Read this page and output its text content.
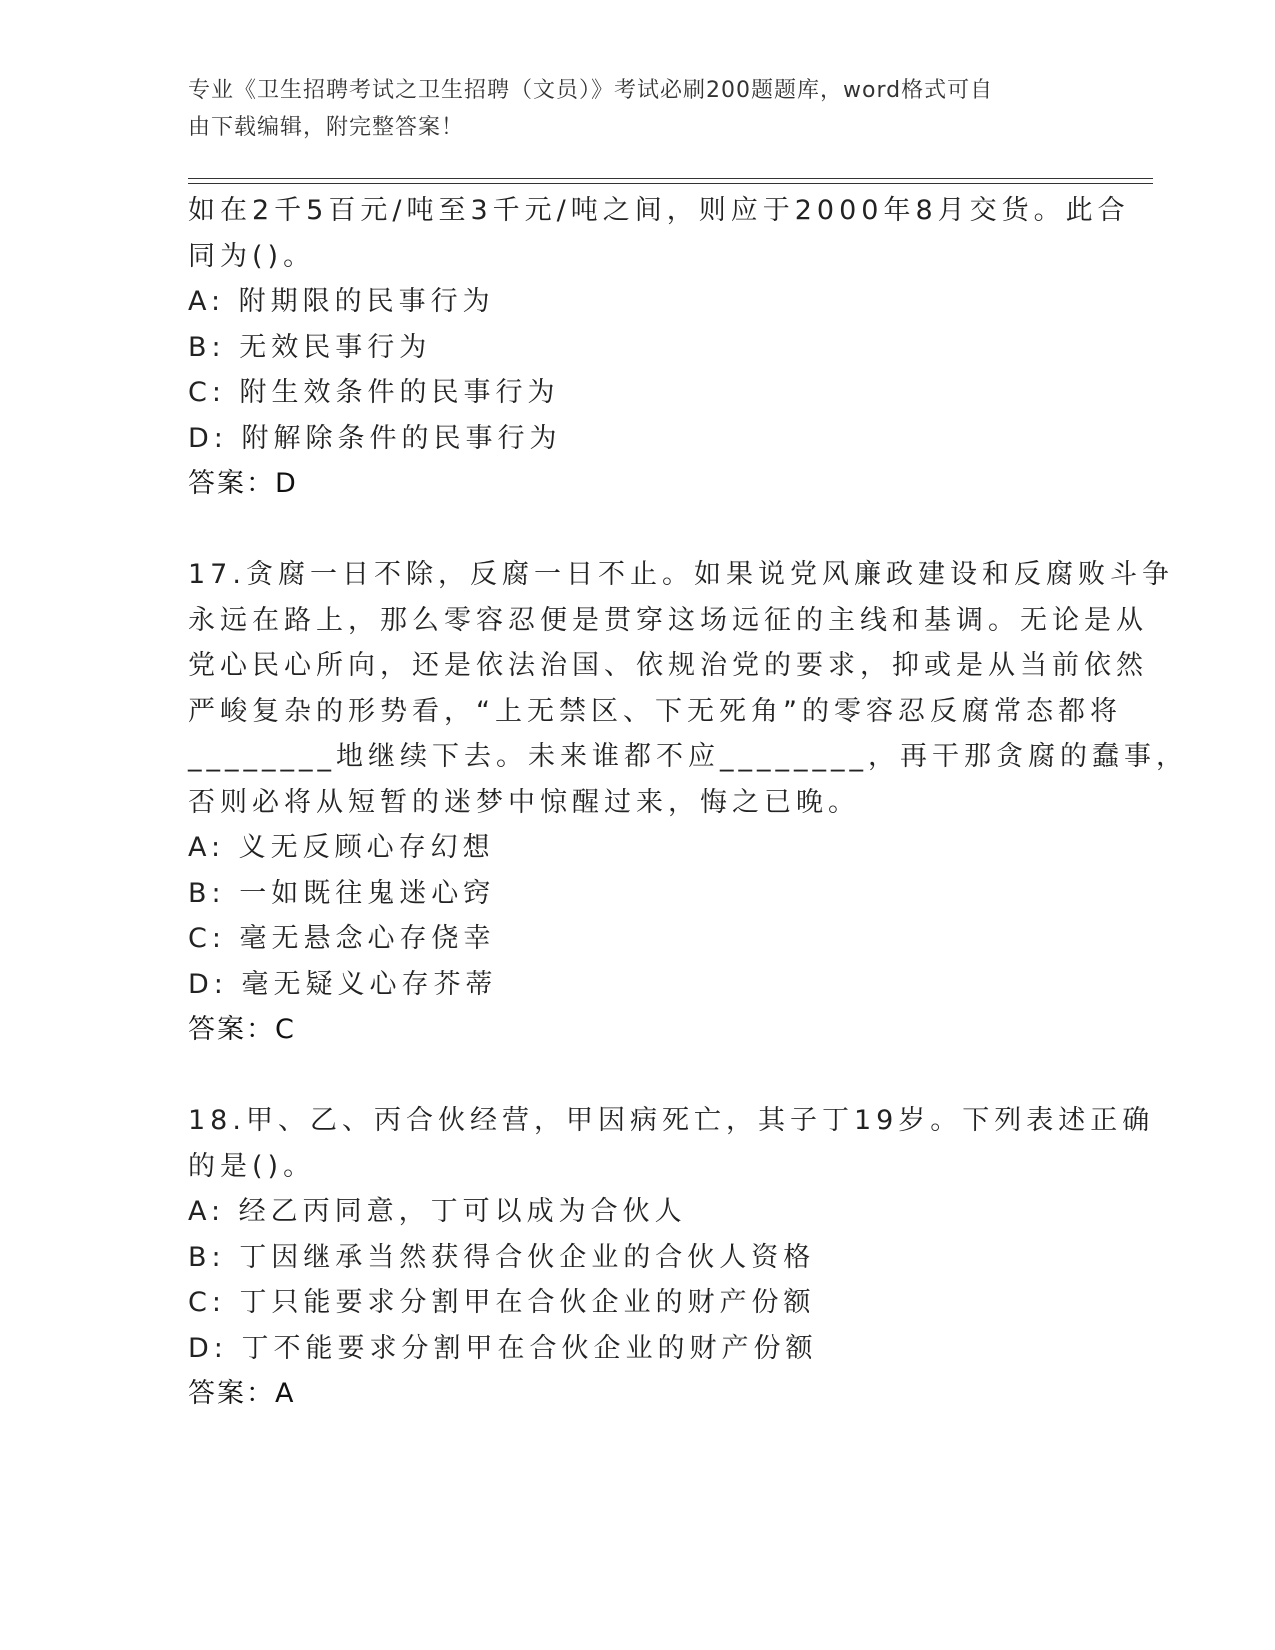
专业《卫生招聘考试之卫生招聘（文员）》考试必刷200题题库，word格式可自
由下载编辑，附完整答案！
如在2千5百元/吨至3千元/吨之间，则应于2000年8月交货。此合
同为()。
A: 附期限的民事行为
B: 无效民事行为
C: 附生效条件的民事行为
D: 附解除条件的民事行为
答案：D
17.贪腐一日不除，反腐一日不止。如果说党风廉政建设和反腐败斗争
永远在路上，那么零容忍便是贯穿这场远征的主线和基调。无论是从
党心民心所向，还是依法治国、依规治党的要求，抑或是从当前依然
严峻复杂的形势看，“上无禁区、下无死角”的零容忍反腐常态都将
________地继续下去。未来谁都不应________，再干那贪腐的蠢事，
否则必将从短暂的迷梦中惊醒过来，悔之已晚。
A: 义无反顾心存幻想
B: 一如既往鬼迷心窍
C: 毫无悬念心存侥幸
D: 毫无疑义心存芥蒂
答案：C
18.甲、乙、丙合伙经营，甲因病死亡，其子丁19岁。下列表述正确
的是()。
A: 经乙丙同意，丁可以成为合伙人
B: 丁因继承当然获得合伙企业的合伙人资格
C: 丁只能要求分割甲在合伙企业的财产份额
D: 丁不能要求分割甲在合伙企业的财产份额
答案：A
